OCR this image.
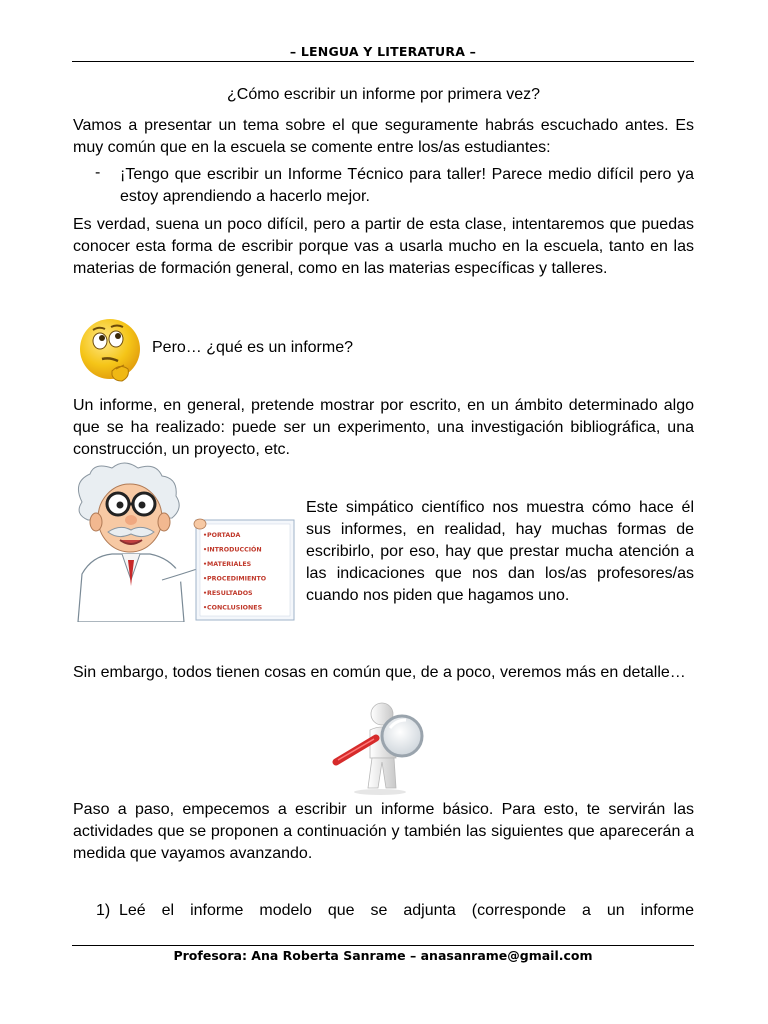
– LENGUA Y LITERATURA –
¿Cómo escribir un informe por primera vez?
Vamos a presentar un tema sobre el que seguramente habrás escuchado antes. Es muy común que en la escuela se comente entre los/as estudiantes:
- ¡Tengo que escribir un Informe Técnico para taller! Parece medio difícil pero ya estoy aprendiendo a hacerlo mejor.
Es verdad, suena un poco difícil, pero a partir de esta clase, intentaremos que puedas conocer esta forma de escribir porque vas a usarla mucho en la escuela, tanto en las materias de formación general, como en las materias específicas y talleres.
Pero… ¿qué es un informe?
Un informe, en general, pretende mostrar por escrito, en un ámbito determinado algo que se ha realizado: puede ser un experimento, una investigación bibliográfica, una construcción, un proyecto, etc.
•PORTADA
•INTRODUCCIÓN
•MATERIALES
•PROCEDIMIENTO
•RESULTADOS
•CONCLUSIONES
Este simpático científico nos muestra cómo hace él sus informes, en realidad, hay muchas formas de escribirlo, por eso, hay que prestar mucha atención a las indicaciones que nos dan los/as profesores/as cuando nos piden que hagamos uno.
Sin embargo, todos tienen cosas en común que, de a poco, veremos más en detalle…
Paso a paso, empecemos a escribir un informe básico. Para esto, te servirán las actividades que se proponen a continuación y también las siguientes que aparecerán a medida que vayamos avanzando.
1) Leé el informe modelo que se adjunta (corresponde a un informe
Profesora: Ana Roberta Sanrame – anasanrame@gmail.com
